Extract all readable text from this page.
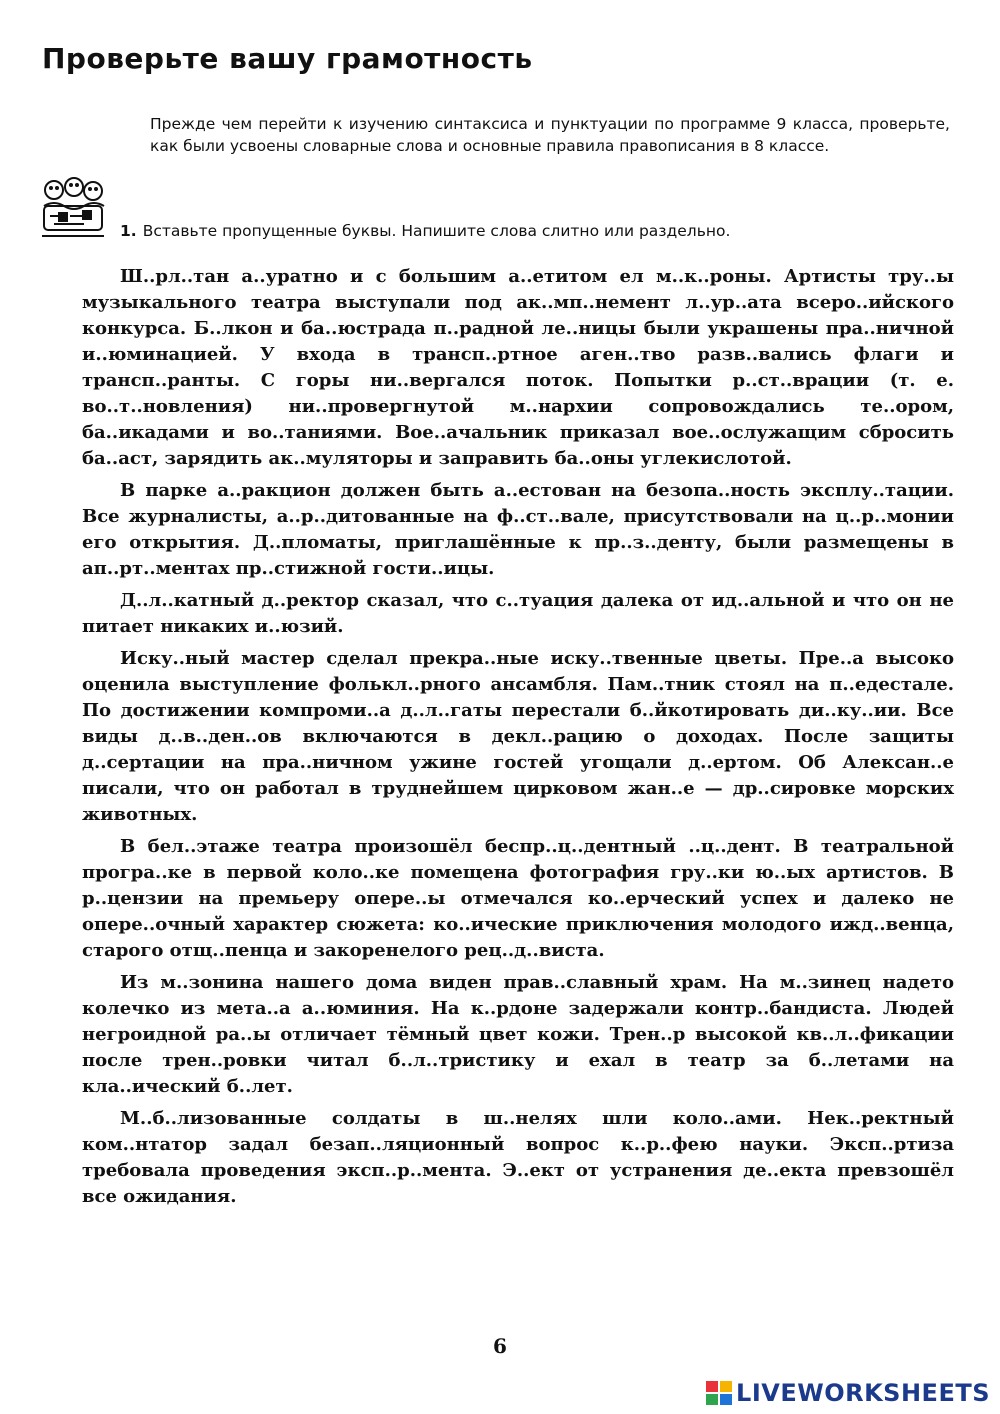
Проверьте вашу грамотность
Прежде чем перейти к изучению синтаксиса и пунктуации по программе 9 класса, проверьте, как были усвоены словарные слова и основные правила правописания в 8 классе.
1. Вставьте пропущенные буквы. Напишите слова слитно или раздельно.

Ш..рл..тан а..уратно и с большим а..етитом ел м..к..роны. Артисты тру..ы музыкального театра выступали под ак..мп..немент л..ур..ата всеро..ийского конкурса. Б..лкон и ба..юстрада п..радной ле..ницы были украшены пра..ничной и..юминацией. У входа в трансп..ртное аген..тво разв..вались флаги и трансп..ранты. С горы ни..вергался поток. Попытки р..ст..врации (т. е. во..т..новления) ни..провергнутой м..нархии сопровождались те..ором, ба..икадами и во..таниями. Вое..ачальник приказал вое..ослужащим сбросить ба..аст, зарядить ак..муляторы и заправить ба..оны углекислотой.

В парке а..ракцион должен быть а..естован на безопа..ность эксплу..тации. Все журналисты, а..р..дитованные на ф..ст..вале, присутствовали на ц..р..монии его открытия. Д..пломаты, приглашённые к пр..з..денту, были размещены в ап..рт..ментах пр..стижной гости..ицы.

Д..л..катный д..ректор сказал, что с..туация далека от ид..альной и что он не питает никаких и..юзий.

Иску..ный мастер сделал прекра..ные иску..твенные цветы. Пре..а высоко оценила выступление фолькл..рного ансамбля. Пам..тник стоял на п..едестале. По достижении компроми..а д..л..гаты перестали б..йкотировать ди..ку..ии. Все виды д..в..ден..ов включаются в декл..рацию о доходах. После защиты д..сертации на пра..ничном ужине гостей угощали д..ертом. Об Алексан..е писали, что он работал в труднейшем цирковом жан..е — др..сировке морских животных.

В бел..этаже театра произошёл беспр..ц..дентный ..ц..дент. В театральной програ..ке в первой коло..ке помещена фотография гру..ки ю..ых артистов. В р..цензии на премьеру опере..ы отмечался ко..ерческий успех и далеко не опере..очный характер сюжета: ко..ические приключения молодого ижд..венца, старого отщ..пенца и закоренелого рец..д..виста.

Из м..зонина нашего дома виден прав..славный храм. На м..зинец надето колечко из мета..а а..юминия. На к..рдоне задержали контр..бандиста. Людей негроидной ра..ы отличает тёмный цвет кожи. Трен..р высокой кв..л..фикации после трен..ровки читал б..л..тристику и ехал в театр за б..летами на кла..ический б..лет.

М..б..лизованные солдаты в ш..нелях шли коло..ами. Нек..ректный ком..нтатор задал безап..ляционный вопрос к..р..фею науки. Эксп..ртиза требовала проведения эксп..р..мента. Э..ект от устранения де..екта превзошёл все ожидания.

6
LIVEWORKSHEETS
